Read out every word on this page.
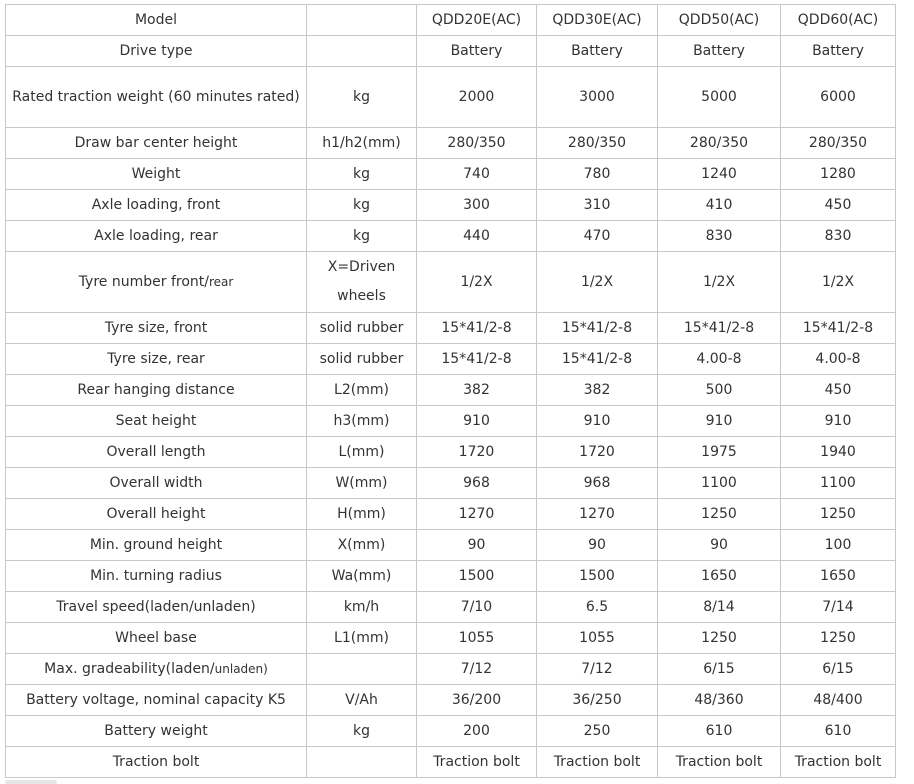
Model		QDD20E(AC)	QDD30E(AC)	QDD50(AC)	QDD60(AC)
Drive type		Battery	Battery	Battery	Battery
Rated traction weight (60 minutes rated)	kg	2000	3000	5000	6000
Draw bar center height	h1/h2(mm)	280/350	280/350	280/350	280/350
Weight	kg	740	780	1240	1280
Axle loading, front	kg	300	310	410	450
Axle loading, rear	kg	440	470	830	830
Tyre number front/rear	X=Driven wheels	1/2X	1/2X	1/2X	1/2X
Tyre size, front	solid rubber	15*41/2-8	15*41/2-8	15*41/2-8	15*41/2-8
Tyre size, rear	solid rubber	15*41/2-8	15*41/2-8	4.00-8	4.00-8
Rear hanging distance	L2(mm)	382	382	500	450
Seat height	h3(mm)	910	910	910	910
Overall length	L(mm)	1720	1720	1975	1940
Overall width	W(mm)	968	968	1100	1100
Overall height	H(mm)	1270	1270	1250	1250
Min. ground height	X(mm)	90	90	90	100
Min. turning radius	Wa(mm)	1500	1500	1650	1650
Travel speed(laden/unladen)	km/h	7/10	6.5	8/14	7/14
Wheel base	L1(mm)	1055	1055	1250	1250
Max. gradeability(laden/unladen)		7/12	7/12	6/15	6/15
Battery voltage, nominal capacity K5	V/Ah	36/200	36/250	48/360	48/400
Battery weight	kg	200	250	610	610
Traction bolt		Traction bolt	Traction bolt	Traction bolt	Traction bolt
